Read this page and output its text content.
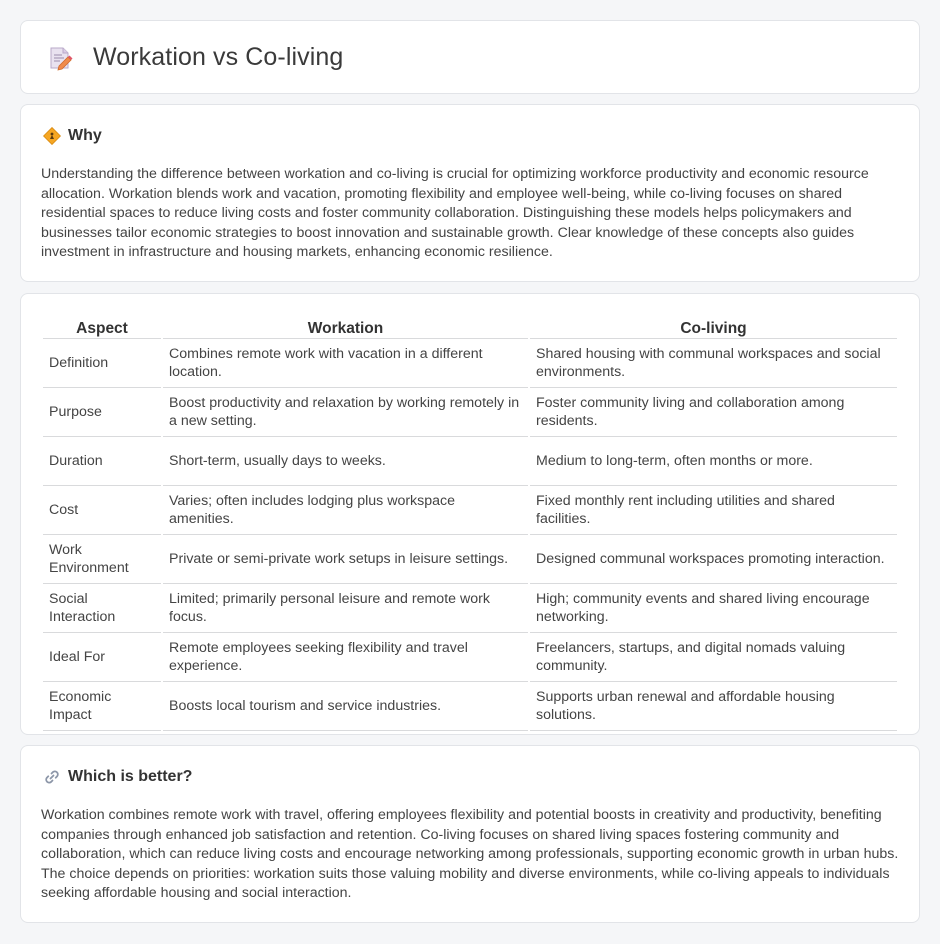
Workation vs Co-living
Why

Understanding the difference between workation and co-living is crucial for optimizing workforce productivity and economic resource allocation. Workation blends work and vacation, promoting flexibility and employee well-being, while co-living focuses on shared residential spaces to reduce living costs and foster community collaboration. Distinguishing these models helps policymakers and businesses tailor economic strategies to boost innovation and sustainable growth. Clear knowledge of these concepts also guides investment in infrastructure and housing markets, enhancing economic resilience.

Aspect	Workation	Co-living
Definition	Combines remote work with vacation in a different location.	Shared housing with communal workspaces and social environments.
Purpose	Boost productivity and relaxation by working remotely in a new setting.	Foster community living and collaboration among residents.
Duration	Short-term, usually days to weeks.	Medium to long-term, often months or more.
Cost	Varies; often includes lodging plus workspace amenities.	Fixed monthly rent including utilities and shared facilities.
Work Environment	Private or semi-private work setups in leisure settings.	Designed communal workspaces promoting interaction.
Social Interaction	Limited; primarily personal leisure and remote work focus.	High; community events and shared living encourage networking.
Ideal For	Remote employees seeking flexibility and travel experience.	Freelancers, startups, and digital nomads valuing community.
Economic Impact	Boosts local tourism and service industries.	Supports urban renewal and affordable housing solutions.
Which is better?

Workation combines remote work with travel, offering employees flexibility and potential boosts in creativity and productivity, benefiting companies through enhanced job satisfaction and retention. Co-living focuses on shared living spaces fostering community and collaboration, which can reduce living costs and encourage networking among professionals, supporting economic growth in urban hubs. The choice depends on priorities: workation suits those valuing mobility and diverse environments, while co-living appeals to individuals seeking affordable housing and social interaction.
